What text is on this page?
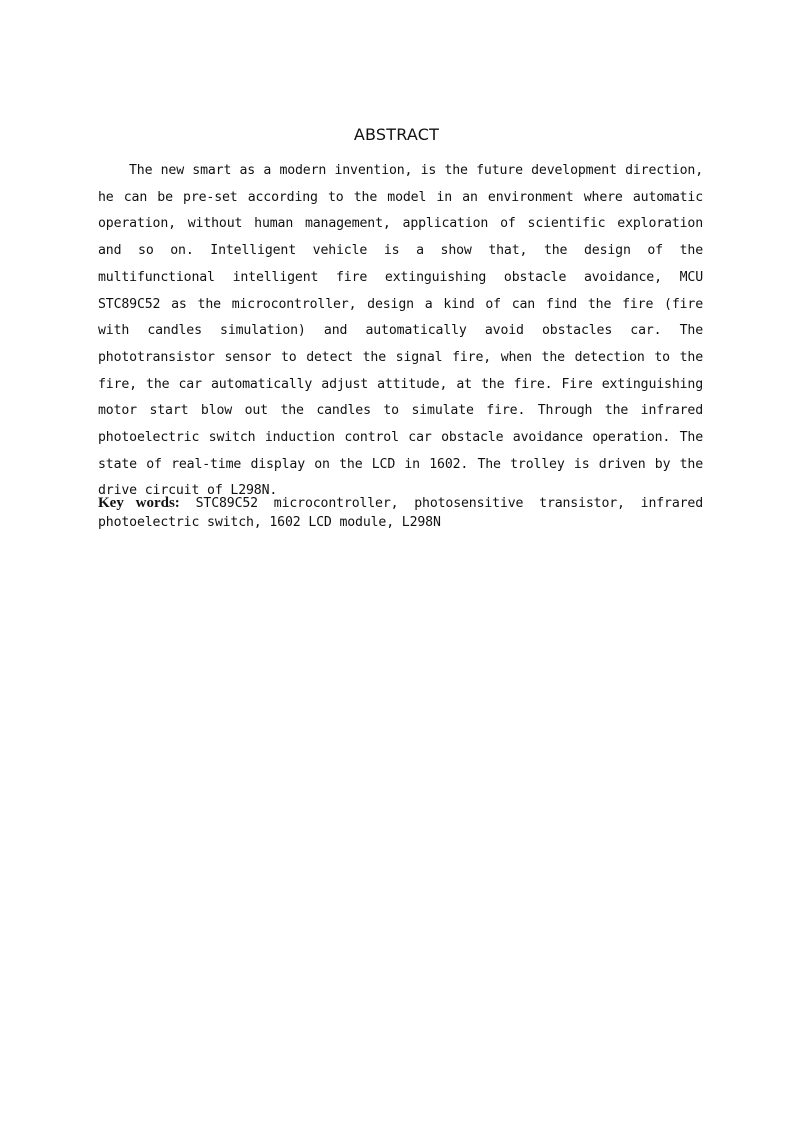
ABSTRACT

The new smart as a modern invention, is the future development direction, he can be pre-set according to the model in an environment where automatic operation, without human management, application of scientific exploration and so on. Intelligent vehicle is a show that, the design of the multifunctional intelligent fire extinguishing obstacle avoidance, MCU STC89C52 as the microcontroller, design a kind of can find the fire (fire with candles simulation) and automatically avoid obstacles car. The phototransistor sensor to detect the signal fire, when the detection to the fire, the car automatically adjust attitude, at the fire. Fire extinguishing motor start blow out the candles to simulate fire. Through the infrared photoelectric switch induction control car obstacle avoidance operation. The state of real-time display on the LCD in 1602. The trolley is driven by the drive circuit of L298N.

Key words: STC89C52 microcontroller, photosensitive transistor, infrared photoelectric switch, 1602 LCD module, L298N
